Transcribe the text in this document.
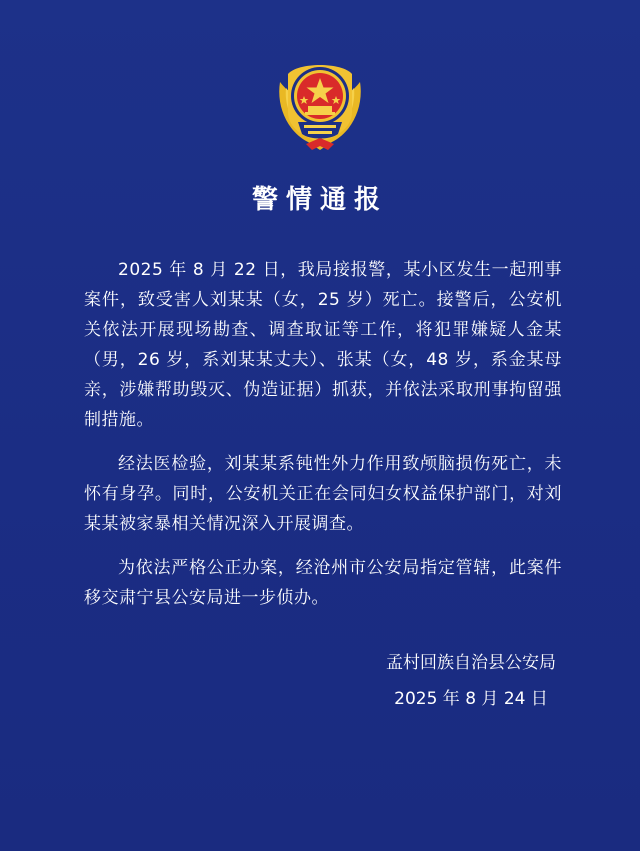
警情通报

2025 年 8 月 22 日，我局接报警，某小区发生一起刑事案件，致受害人刘某某（女，25 岁）死亡。接警后，公安机关依法开展现场勘查、调查取证等工作，将犯罪嫌疑人金某（男，26 岁，系刘某某丈夫）、张某（女，48 岁，系金某母亲，涉嫌帮助毁灭、伪造证据）抓获，并依法采取刑事拘留强制措施。

经法医检验，刘某某系钝性外力作用致颅脑损伤死亡，未怀有身孕。同时，公安机关正在会同妇女权益保护部门，对刘某某被家暴相关情况深入开展调查。

为依法严格公正办案，经沧州市公安局指定管辖，此案件移交肃宁县公安局进一步侦办。

孟村回族自治县公安局
2025 年 8 月 24 日
